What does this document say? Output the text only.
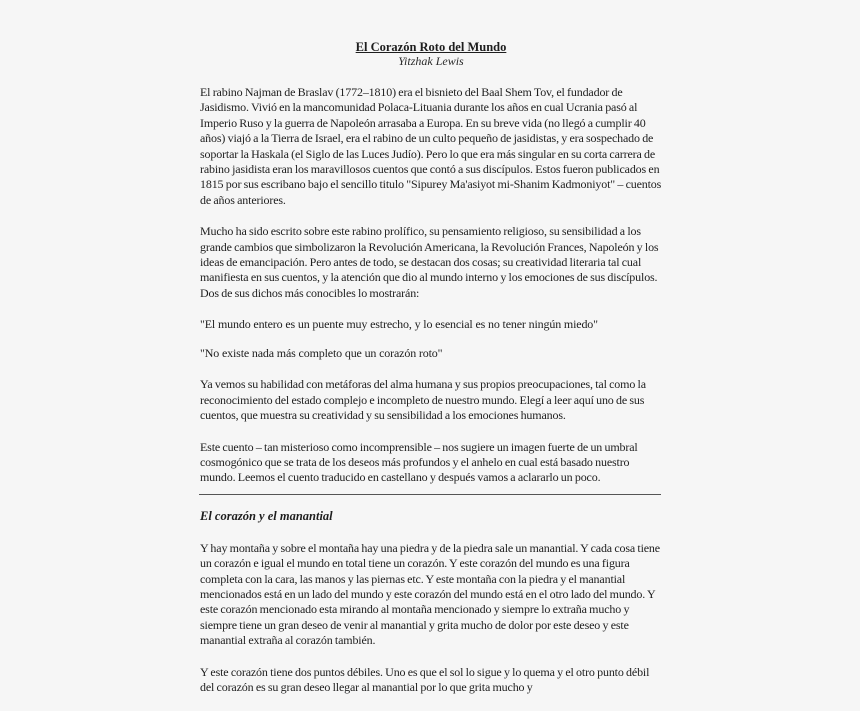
El Corazón Roto del Mundo
Yitzhak Lewis

El rabino Najman de Braslav (1772–1810) era el bisnieto del Baal Shem Tov, el fundador de Jasidismo. Vivió en la mancomunidad Polaca-Lituania durante los años en cual Ucrania pasó al Imperio Ruso y la guerra de Napoleón arrasaba a Europa. En su breve vida (no llegó a cumplir 40 años) viajó a la Tierra de Israel, era el rabino de un culto pequeño de jasidistas, y era sospechado de soportar la Haskala (el Siglo de las Luces Judío). Pero lo que era más singular en su corta carrera de rabino jasidista eran los maravillosos cuentos que contó a sus discípulos. Estos fueron publicados en 1815 por sus escribano bajo el sencillo titulo "Sipurey Ma'asiyot mi-Shanim Kadmoniyot" – cuentos de años anteriores.

Mucho ha sido escrito sobre este rabino prolífico, su pensamiento religioso, su sensibilidad a los grande cambios que simbolizaron la Revolución Americana, la Revolución Frances, Napoleón y los ideas de emancipación. Pero antes de todo, se destacan dos cosas; su creatividad literaria tal cual manifiesta en sus cuentos, y la atención que dio al mundo interno y los emociones de sus discípulos. Dos de sus dichos más conocibles lo mostrarán:

"El mundo entero es un puente muy estrecho, y lo esencial es no tener ningún miedo"

"No existe nada más completo que un corazón roto"

Ya vemos su habilidad con metáforas del alma humana y sus propios preocupaciones, tal como la reconocimiento del estado complejo e incompleto de nuestro mundo. Elegí a leer aquí uno de sus cuentos, que muestra su creatividad y su sensibilidad a los emociones humanos.

Este cuento – tan misterioso como incomprensible – nos sugiere un imagen fuerte de un umbral cosmogónico que se trata de los deseos más profundos y el anhelo en cual está basado nuestro mundo. Leemos el cuento traducido en castellano y después vamos a aclararlo un poco.

El corazón y el manantial

Y hay montaña y sobre el montaña hay una piedra y de la piedra sale un manantial. Y cada cosa tiene un corazón e igual el mundo en total tiene un corazón. Y este corazón del mundo es una figura completa con la cara, las manos y las piernas etc. Y este montaña con la piedra y el manantial mencionados está en un lado del mundo y este corazón del mundo está en el otro lado del mundo. Y este corazón mencionado esta mirando al montaña mencionado y siempre lo extraña mucho y siempre tiene un gran deseo de venir al manantial y grita mucho de dolor por este deseo y este manantial extraña al corazón también.

Y este corazón tiene dos puntos débiles. Uno es que el sol lo sigue y lo quema y el otro punto débil del corazón es su gran deseo llegar al manantial por lo que grita mucho y
